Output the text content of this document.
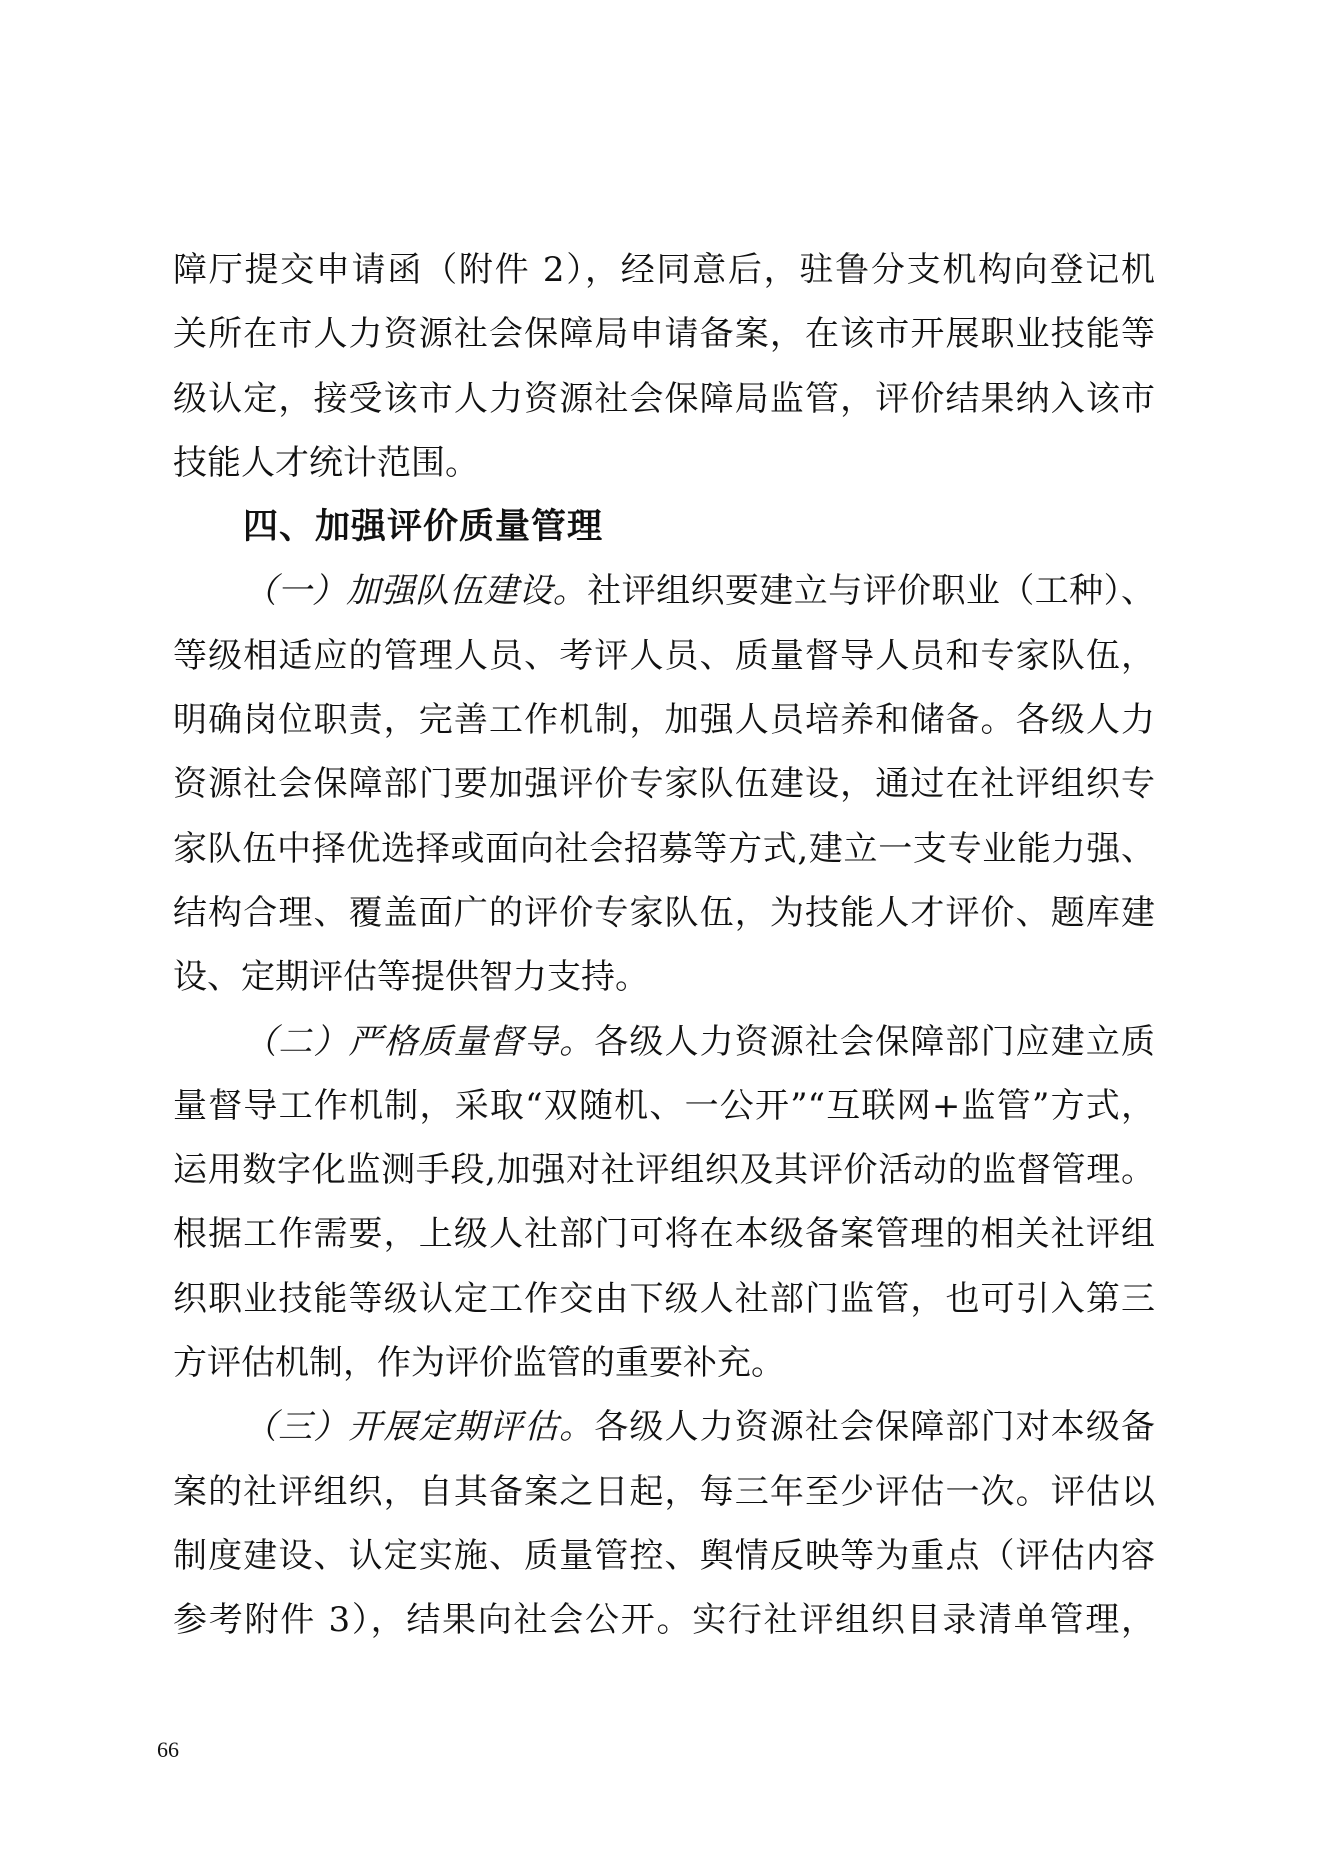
障厅提交申请函（附件 2），经同意后，驻鲁分支机构向登记机
关所在市人力资源社会保障局申请备案，在该市开展职业技能等
级认定，接受该市人力资源社会保障局监管，评价结果纳入该市
技能人才统计范围。
四、加强评价质量管理
（一）加强队伍建设。社评组织要建立与评价职业（工种）、
等级相适应的管理人员、考评人员、质量督导人员和专家队伍，
明确岗位职责，完善工作机制，加强人员培养和储备。各级人力
资源社会保障部门要加强评价专家队伍建设，通过在社评组织专
家队伍中择优选择或面向社会招募等方式,建立一支专业能力强、
结构合理、覆盖面广的评价专家队伍，为技能人才评价、题库建
设、定期评估等提供智力支持。
（二）严格质量督导。各级人力资源社会保障部门应建立质
量督导工作机制，采取“双随机、一公开”“互联网+监管”方式，
运用数字化监测手段,加强对社评组织及其评价活动的监督管理。
根据工作需要，上级人社部门可将在本级备案管理的相关社评组
织职业技能等级认定工作交由下级人社部门监管，也可引入第三
方评估机制，作为评价监管的重要补充。
（三）开展定期评估。各级人力资源社会保障部门对本级备
案的社评组织，自其备案之日起，每三年至少评估一次。评估以
制度建设、认定实施、质量管控、舆情反映等为重点（评估内容
参考附件 3），结果向社会公开。实行社评组织目录清单管理，
66
